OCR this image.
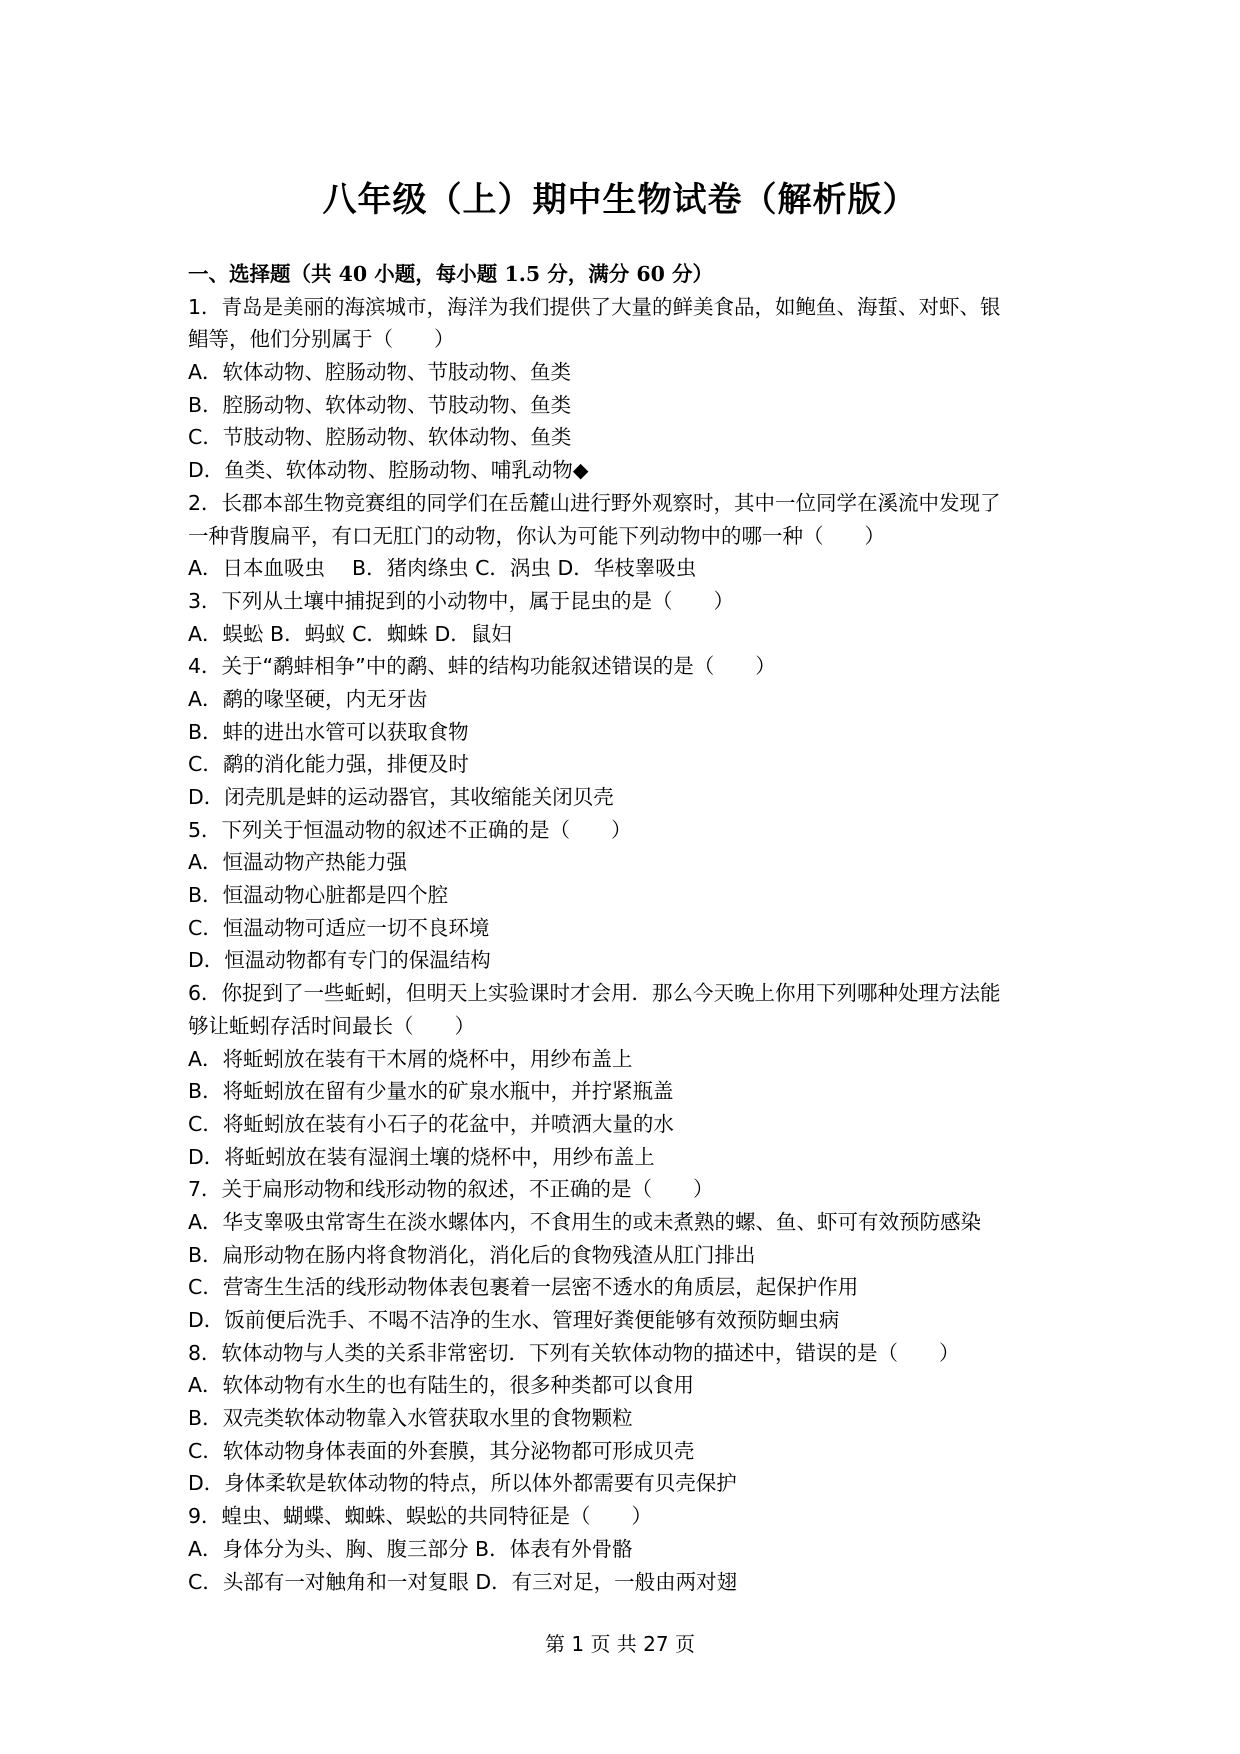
八年级（上）期中生物试卷（解析版）
一、选择题（共 40 小题，每小题 1.5 分，满分 60 分）
1．青岛是美丽的海滨城市，海洋为我们提供了大量的鲜美食品，如鲍鱼、海蜇、对虾、银
鲳等，他们分别属于（　　）
A．软体动物、腔肠动物、节肢动物、鱼类
B．腔肠动物、软体动物、节肢动物、鱼类
C．节肢动物、腔肠动物、软体动物、鱼类
D．鱼类、软体动物、腔肠动物、哺乳动物◆
2．长郡本部生物竞赛组的同学们在岳麓山进行野外观察时，其中一位同学在溪流中发现了
一种背腹扁平，有口无肛门的动物，你认为可能下列动物中的哪一种（　　）
A．日本血吸虫　 B．猪肉绦虫 C．涡虫 D．华枝睾吸虫
3．下列从土壤中捕捉到的小动物中，属于昆虫的是（　　）
A．蜈蚣 B．蚂蚁 C．蜘蛛 D．鼠妇
4．关于“鹬蚌相争”中的鹬、蚌的结构功能叙述错误的是（　　）
A．鹬的喙坚硬，内无牙齿
B．蚌的进出水管可以获取食物
C．鹬的消化能力强，排便及时
D．闭壳肌是蚌的运动器官，其收缩能关闭贝壳
5．下列关于恒温动物的叙述不正确的是（　　）
A．恒温动物产热能力强
B．恒温动物心脏都是四个腔
C．恒温动物可适应一切不良环境
D．恒温动物都有专门的保温结构
6．你捉到了一些蚯蚓，但明天上实验课时才会用．那么今天晚上你用下列哪种处理方法能
够让蚯蚓存活时间最长（　　）
A．将蚯蚓放在装有干木屑的烧杯中，用纱布盖上
B．将蚯蚓放在留有少量水的矿泉水瓶中，并拧紧瓶盖
C．将蚯蚓放在装有小石子的花盆中，并喷洒大量的水
D．将蚯蚓放在装有湿润土壤的烧杯中，用纱布盖上
7．关于扁形动物和线形动物的叙述，不正确的是（　　）
A．华支睾吸虫常寄生在淡水螺体内，不食用生的或未煮熟的螺、鱼、虾可有效预防感染
B．扁形动物在肠内将食物消化，消化后的食物残渣从肛门排出
C．营寄生生活的线形动物体表包裹着一层密不透水的角质层，起保护作用
D．饭前便后洗手、不喝不洁净的生水、管理好粪便能够有效预防蛔虫病
8．软体动物与人类的关系非常密切．下列有关软体动物的描述中，错误的是（　　）
A．软体动物有水生的也有陆生的，很多种类都可以食用
B．双壳类软体动物靠入水管获取水里的食物颗粒
C．软体动物身体表面的外套膜，其分泌物都可形成贝壳
D．身体柔软是软体动物的特点，所以体外都需要有贝壳保护
9．蝗虫、蝴蝶、蜘蛛、蜈蚣的共同特征是（　　）
A．身体分为头、胸、腹三部分 B．体表有外骨骼
C．头部有一对触角和一对复眼 D．有三对足，一般由两对翅
第 1 页 共 27 页
